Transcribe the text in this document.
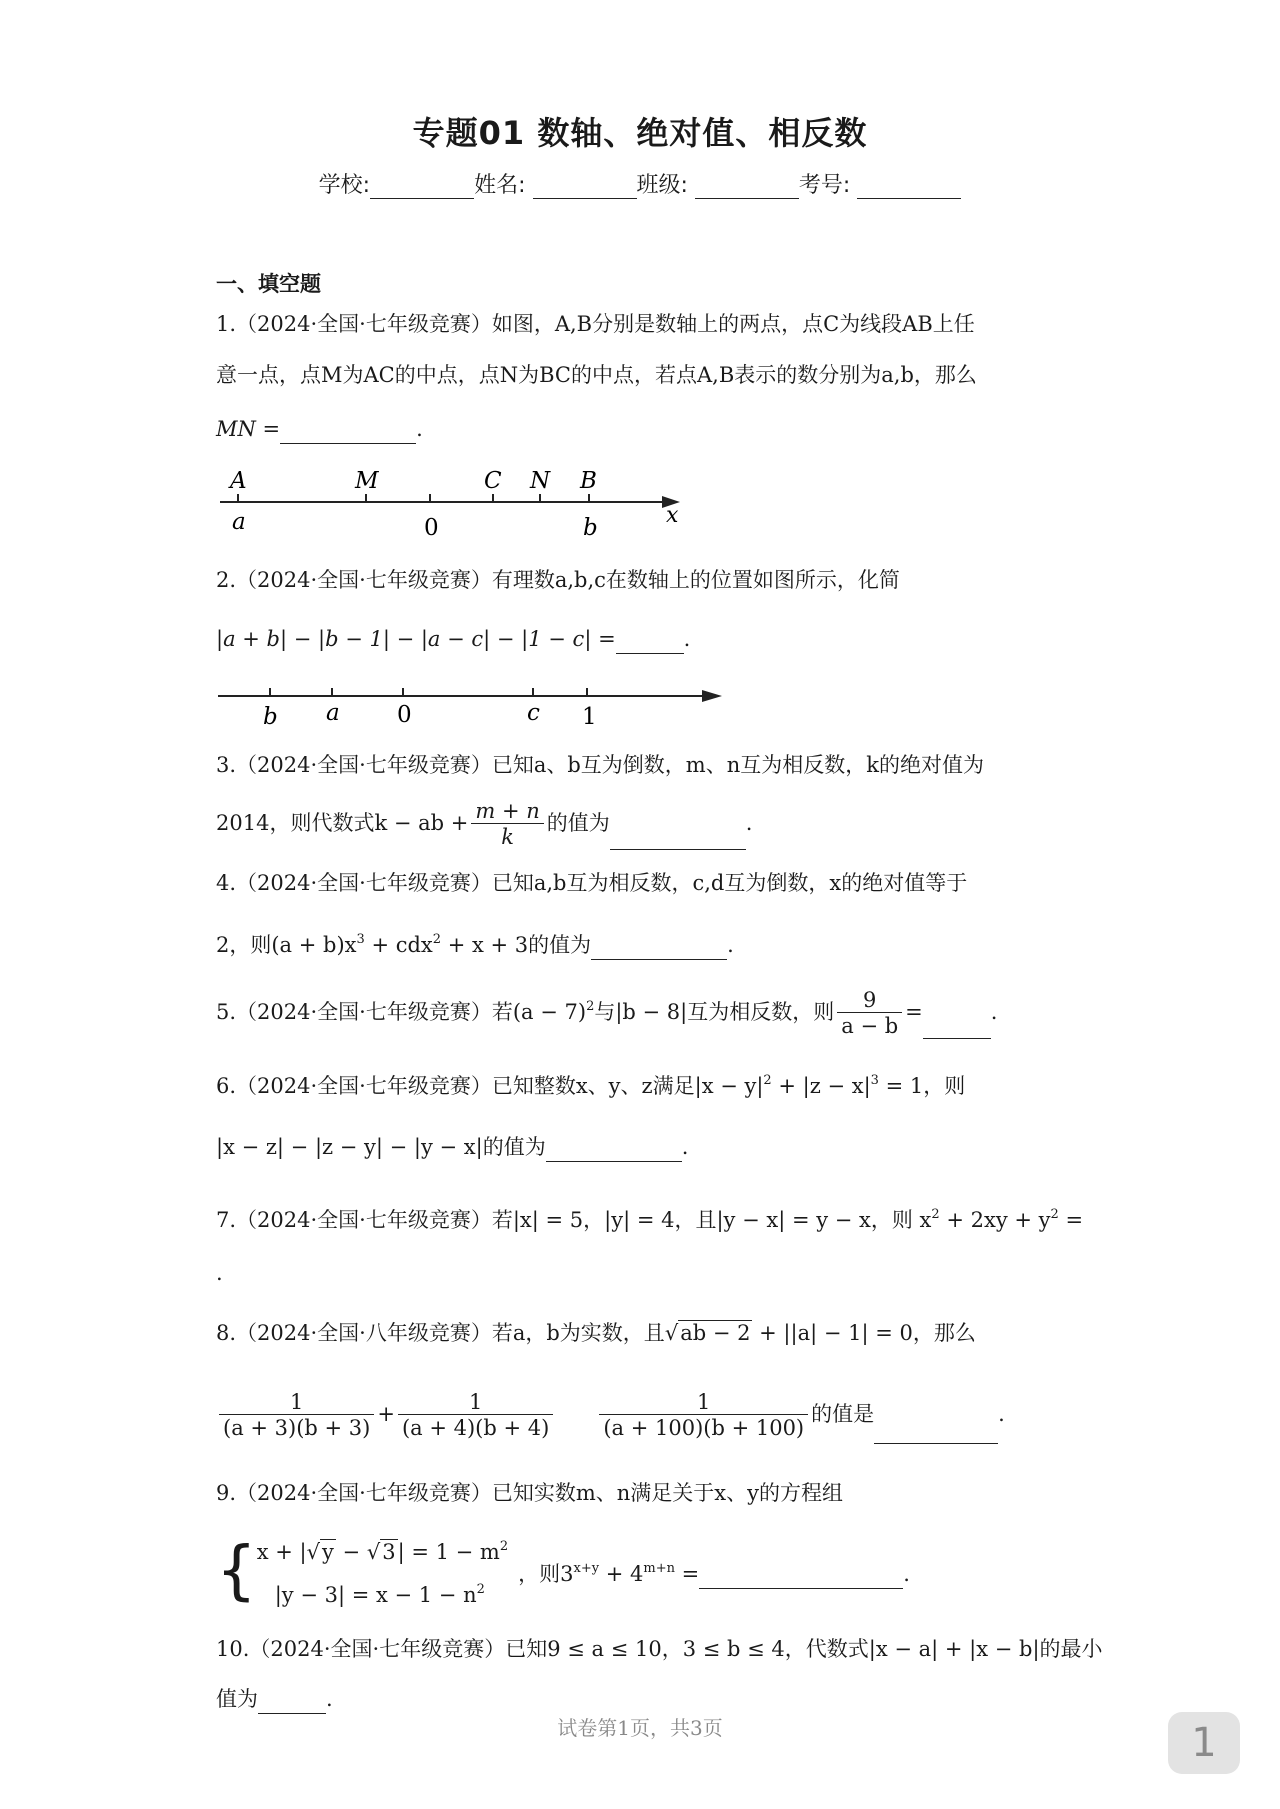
专题01 数轴、绝对值、相反数
学校:	姓名:	班级:	考号:
一、填空题
1.（2024·全国·七年级竞赛）如图，A,B分别是数轴上的两点，点C为线段AB上任
意一点，点M为AC的中点，点N为BC的中点，若点A,B表示的数分别为a,b，那么
MN =	.
A	M	C N B
a	0	b	x
2.（2024·全国·七年级竞赛）有理数a,b,c在数轴上的位置如图所示，化简
|a + b| − |b − 1| − |a − c| − |1 − c| =	.
b a 0	c 1
3.（2024·全国·七年级竞赛）已知a、b互为倒数，m、n互为相反数，k的绝对值为
2014，则代数式k − ab + $\frac{m + n}{k}$ 的值为	.
4.（2024·全国·七年级竞赛）已知a,b互为相反数，c,d互为倒数，x的绝对值等于
2，则$(a + b)x^3 + cdx^2 + x + 3$的值为	.
5.（2024·全国·七年级竞赛）若$(a - 7)^2$与|b − 8|互为相反数，则 $\frac{9}{a - b}$ =	.
6.（2024·全国·七年级竞赛）已知整数x、y、z满足$|x - y|^2 + |z - x|^3 = 1$，则
|x − z| − |z − y| − |y − x|的值为	.
7.（2024·全国·七年级竞赛）若|x| = 5，|y| = 4，且|y − x| = y − x，则 $x^2 + 2xy + y^2$ =
.
8.（2024·全国·八年级竞赛）若a，b为实数，且√ab − 2 + ||a| − 1| = 0，那么
$\frac{1}{(a + 3)(b + 3)} + \frac{1}{(a + 4)(b + 4)} \frac{1}{(a + 100)(b + 100)}$ 的值是	.
9.（2024·全国·七年级竞赛）已知实数m、n满足关于x、y的方程组
{ $x + |√y - √3| = 1 - m^2$
$|y - 3| = x - 1 - n^2$
，则$3^{x+y} + 4^{m+n}$ =	.
10.（2024·全国·七年级竞赛）已知9 ≤ a ≤ 10，3 ≤ b ≤ 4，代数式|x − a| + |x − b|的最小
值为	.
试卷第1页，共3页	1
